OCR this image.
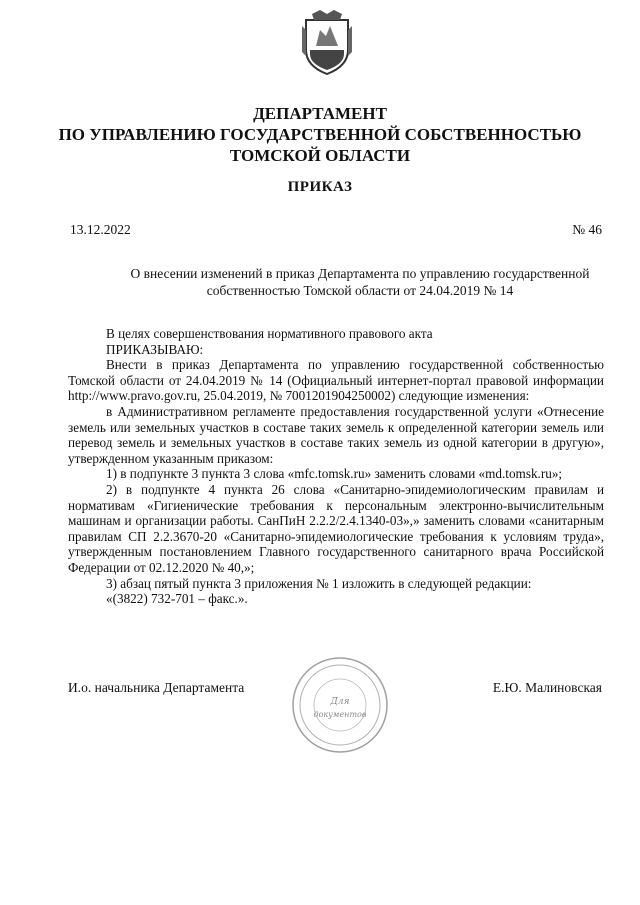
ДЕПАРТАМЕНТ
ПО УПРАВЛЕНИЮ ГОСУДАРСТВЕННОЙ СОБСТВЕННОСТЬЮ
ТОМСКОЙ ОБЛАСТИ
ПРИКАЗ
13.12.2022	№ 46
О внесении изменений в приказ Департамента по управлению государственной
собственностью Томской области от 24.04.2019 № 14

В целях совершенствования нормативного правового акта

ПРИКАЗЫВАЮ:

Внести в приказ Департамента по управлению государственной собственностью Томской области от 24.04.2019 № 14 (Официальный интернет-портал правовой информации http://www.pravo.gov.ru, 25.04.2019, № 7001201904250002) следующие изменения:

в Административном регламенте предоставления государственной услуги «Отнесение земель или земельных участков в составе таких земель к определенной категории земель или перевод земель и земельных участков в составе таких земель из одной категории в другую», утвержденном указанным приказом:

1) в подпункте 3 пункта 3 слова «mfc.tomsk.ru» заменить словами «md.tomsk.ru»;

2) в подпункте 4 пункта 26 слова «Санитарно-эпидемиологическим правилам и нормативам «Гигиенические требования к персональным электронно-вычислительным машинам и организации работы. СанПиН 2.2.2/2.4.1340-03»,» заменить словами «санитарным правилам СП 2.2.3670-20 «Санитарно-эпидемиологические требования к условиям труда», утвержденным постановлением Главного государственного санитарного врача Российской Федерации от 02.12.2020 № 40,»;

3) абзац пятый пункта 3 приложения № 1 изложить в следующей редакции:

«(3822) 732-701 – факс.».

И.о. начальника Департамента	Е.Ю. Малиновская
Для
документов
